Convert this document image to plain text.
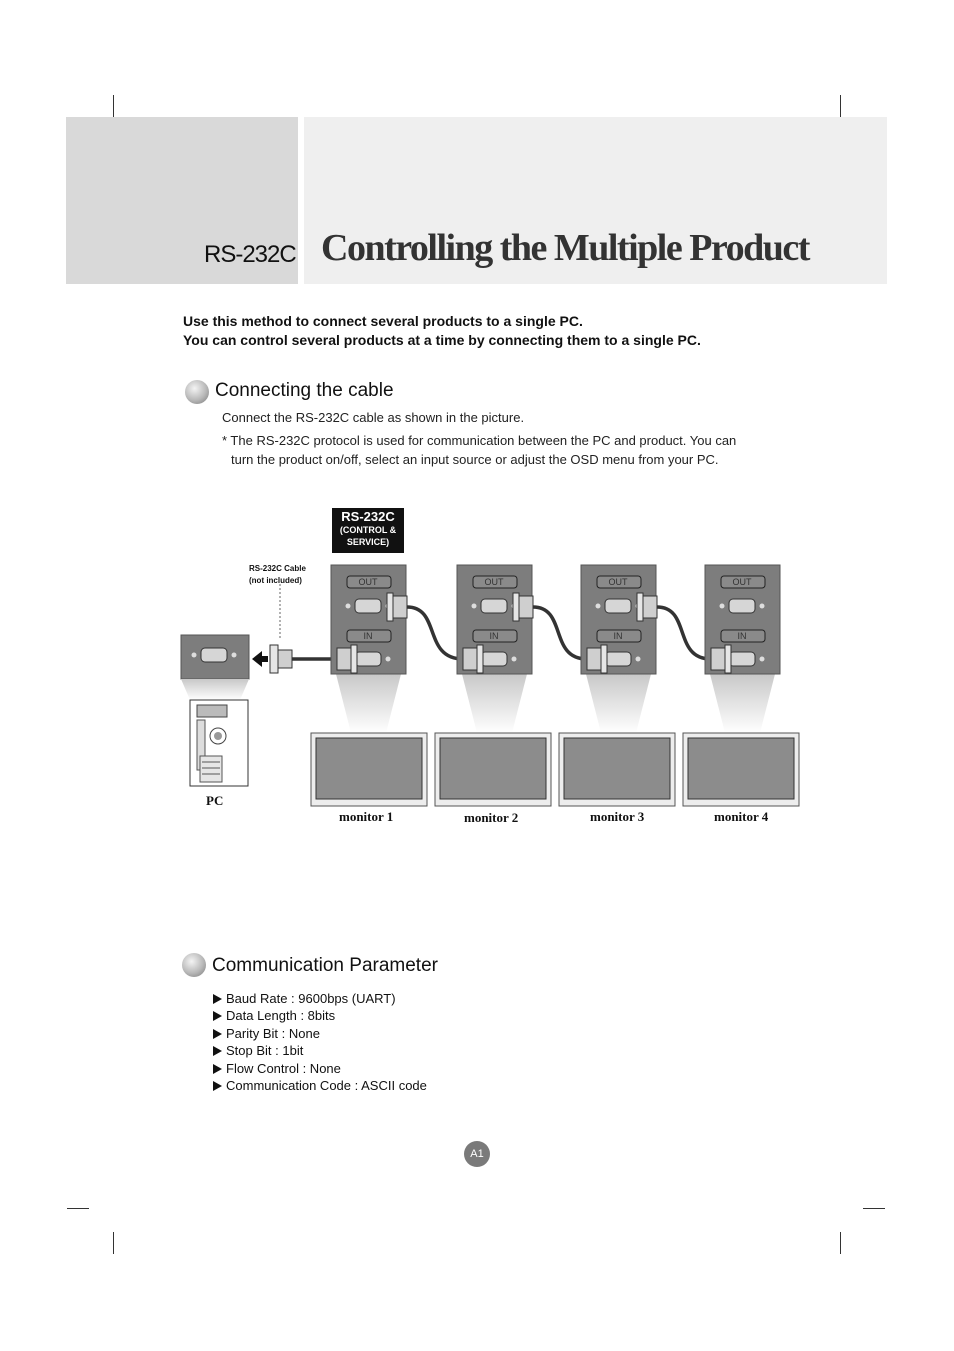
RS-232C Controlling the Multiple Product
Use this method to connect several products to a single PC.
You can control several products at a time by connecting them to a single PC.
Connecting the cable
Connect the RS-232C cable as shown in the picture.
* The RS-232C protocol is used for communication between the PC and product. You can
turn the product on/off, select an input source or adjust the OSD menu from your PC.
RS-232C
(CONTROL &
SERVICE)
RS-232C Cable
(not included)
PC
OUT
IN
OUT
IN
OUT
IN
OUT
IN
monitor 1	monitor 2	monitor 3	monitor 4
Communication Parameter
Baud Rate : 9600bps (UART)
Data Length : 8bits
Parity Bit : None
Stop Bit : 1bit
Flow Control : None
Communication Code : ASCII code
A1
